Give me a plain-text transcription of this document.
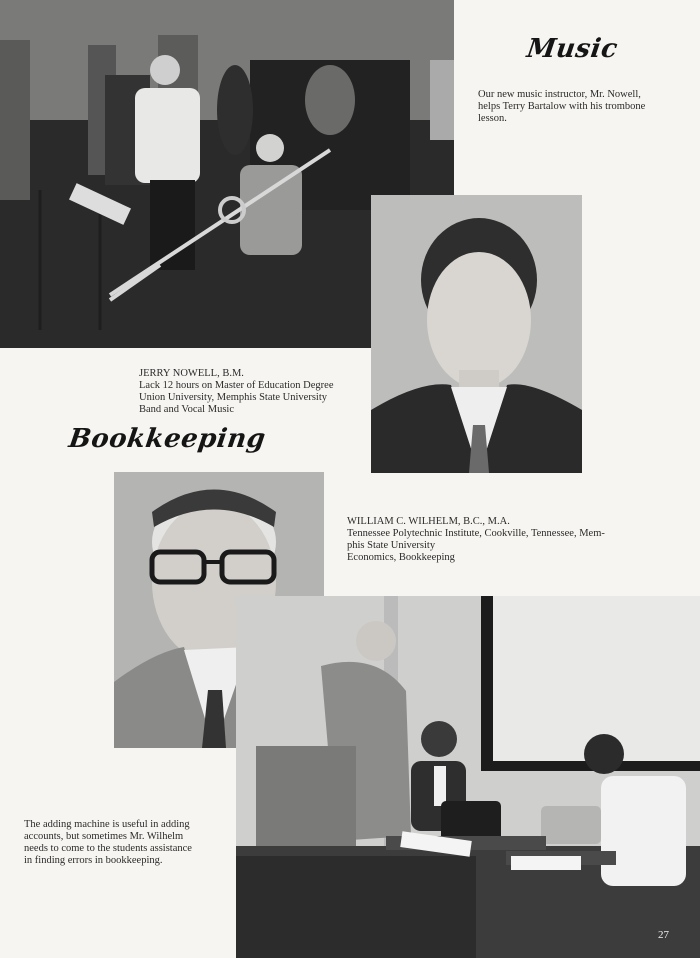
Music
Our new music instructor, Mr. Nowell,
helps Terry Bartalow with his trombone
lesson.
JERRY NOWELL, B.M.
Lack 12 hours on Master of Education Degree
Union University, Memphis State University
Band and Vocal Music
Bookkeeping
WILLIAM C. WILHELM, B.C., M.A.
Tennessee Polytechnic Institute, Cookville, Tennessee, Mem-
phis State University
Economics, Bookkeeping
The adding machine is useful in adding
accounts, but sometimes Mr. Wilhelm
needs to come to the students assistance
in finding errors in bookkeeping.
27
